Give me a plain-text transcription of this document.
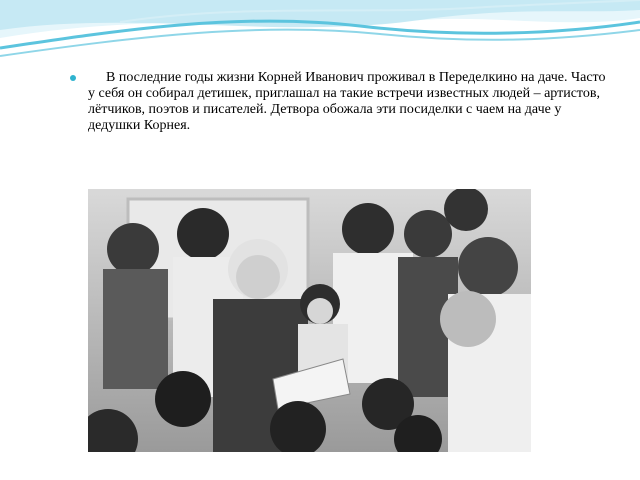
В последние годы жизни Корней Иванович проживал в Переделкино на даче. Часто у себя он собирал детишек, приглашал на такие встречи известных людей – артистов, лётчиков, поэтов и писателей. Детвора обожала эти посиделки с чаем на даче у дедушки Корнея.
